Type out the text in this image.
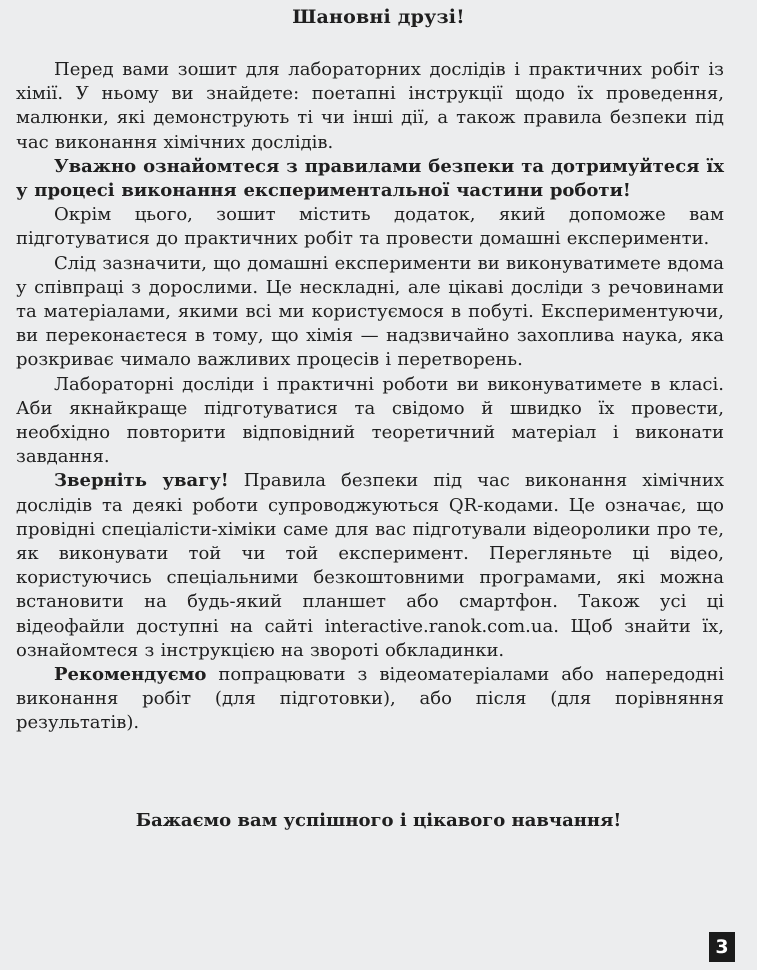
Шановні друзі!

Перед вами зошит для лабораторних дослідів і практичних робіт із хімії. У ньому ви знайдете: поетапні інструкції щодо їх проведення, малюнки, які демонструють ті чи інші дії, а також правила безпеки під час виконання хімічних дослідів.

Уважно ознайомтеся з правилами безпеки та дотримуйтеся їх у процесі виконання експериментальної частини роботи!

Окрім цього, зошит містить додаток, який допоможе вам підготуватися до практичних робіт та провести домашні експерименти.

Слід зазначити, що домашні експерименти ви виконуватимете вдома у співпраці з дорослими. Це нескладні, але цікаві досліди з речовинами та матеріалами, якими всі ми користуємося в побуті. Експериментуючи, ви переконаєтеся в тому, що хімія — надзвичайно захоплива наука, яка розкриває чимало важливих процесів і перетворень.

Лабораторні досліди і практичні роботи ви виконуватимете в класі. Аби якнайкраще підготуватися та свідомо й швидко їх провести, необхідно повторити відповідний теоретичний матеріал і виконати завдання.

Зверніть увагу! Правила безпеки під час виконання хімічних дослідів та деякі роботи супроводжуються QR-кодами. Це означає, що провідні спеціалісти-хіміки саме для вас підготували відеоролики про те, як виконувати той чи той експеримент. Перегляньте ці відео, користуючись спеціальними безкоштовними програмами, які можна встановити на будь-який планшет або смартфон. Також усі ці відеофайли доступні на сайті interactive.ranok.com.ua. Щоб знайти їх, ознайомтеся з інструкцією на звороті обкладинки.

Рекомендуємо попрацювати з відеоматеріалами або напередодні виконання робіт (для підготовки), або після (для порівняння результатів).

Бажаємо вам успішного і цікавого навчання!
3
